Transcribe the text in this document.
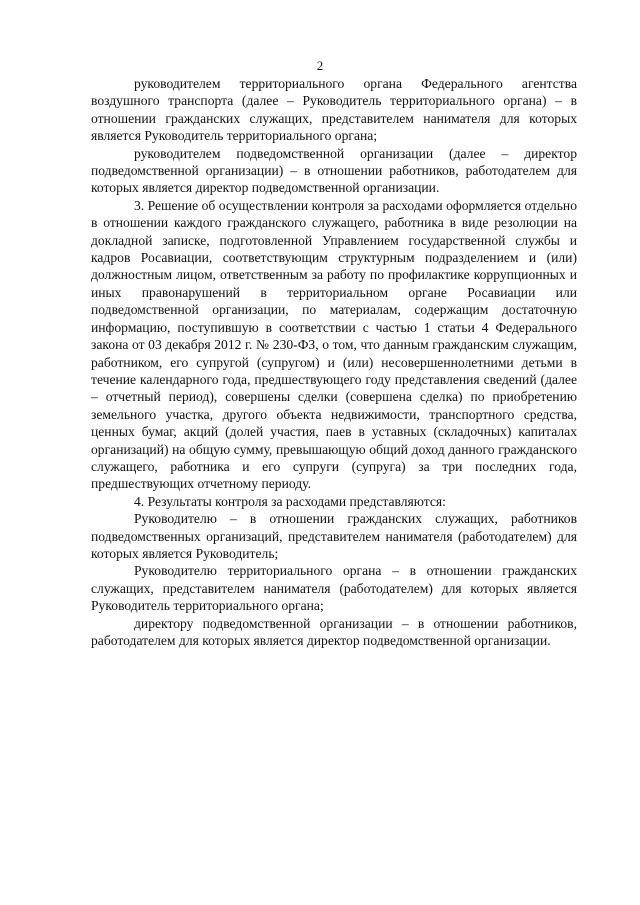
2

руководителем территориального органа Федерального агентства воздушного транспорта (далее – Руководитель территориального органа) – в отношении гражданских служащих, представителем нанимателя для которых является Руководитель территориального органа;

руководителем подведомственной организации (далее – директор подведомственной организации) – в отношении работников, работодателем для которых является директор подведомственной организации.

3. Решение об осуществлении контроля за расходами оформляется отдельно в отношении каждого гражданского служащего, работника в виде резолюции на докладной записке, подготовленной Управлением государственной службы и кадров Росавиации, соответствующим структурным подразделением и (или) должностным лицом, ответственным за работу по профилактике коррупционных и иных правонарушений в территориальном органе Росавиации или подведомственной организации, по материалам, содержащим достаточную информацию, поступившую в соответствии с частью 1 статьи 4 Федерального закона от 03 декабря 2012 г. № 230-ФЗ, о том, что данным гражданским служащим, работником, его супругой (супругом) и (или) несовершеннолетними детьми в течение календарного года, предшествующего году представления сведений (далее – отчетный период), совершены сделки (совершена сделка) по приобретению земельного участка, другого объекта недвижимости, транспортного средства, ценных бумаг, акций (долей участия, паев в уставных (складочных) капиталах организаций) на общую сумму, превышающую общий доход данного гражданского служащего, работника и его супруги (супруга) за три последних года, предшествующих отчетному периоду.

4. Результаты контроля за расходами представляются:

Руководителю – в отношении гражданских служащих, работников подведомственных организаций, представителем нанимателя (работодателем) для которых является Руководитель;

Руководителю территориального органа – в отношении гражданских служащих, представителем нанимателя (работодателем) для которых является Руководитель территориального органа;

директору подведомственной организации – в отношении работников, работодателем для которых является директор подведомственной организации.
